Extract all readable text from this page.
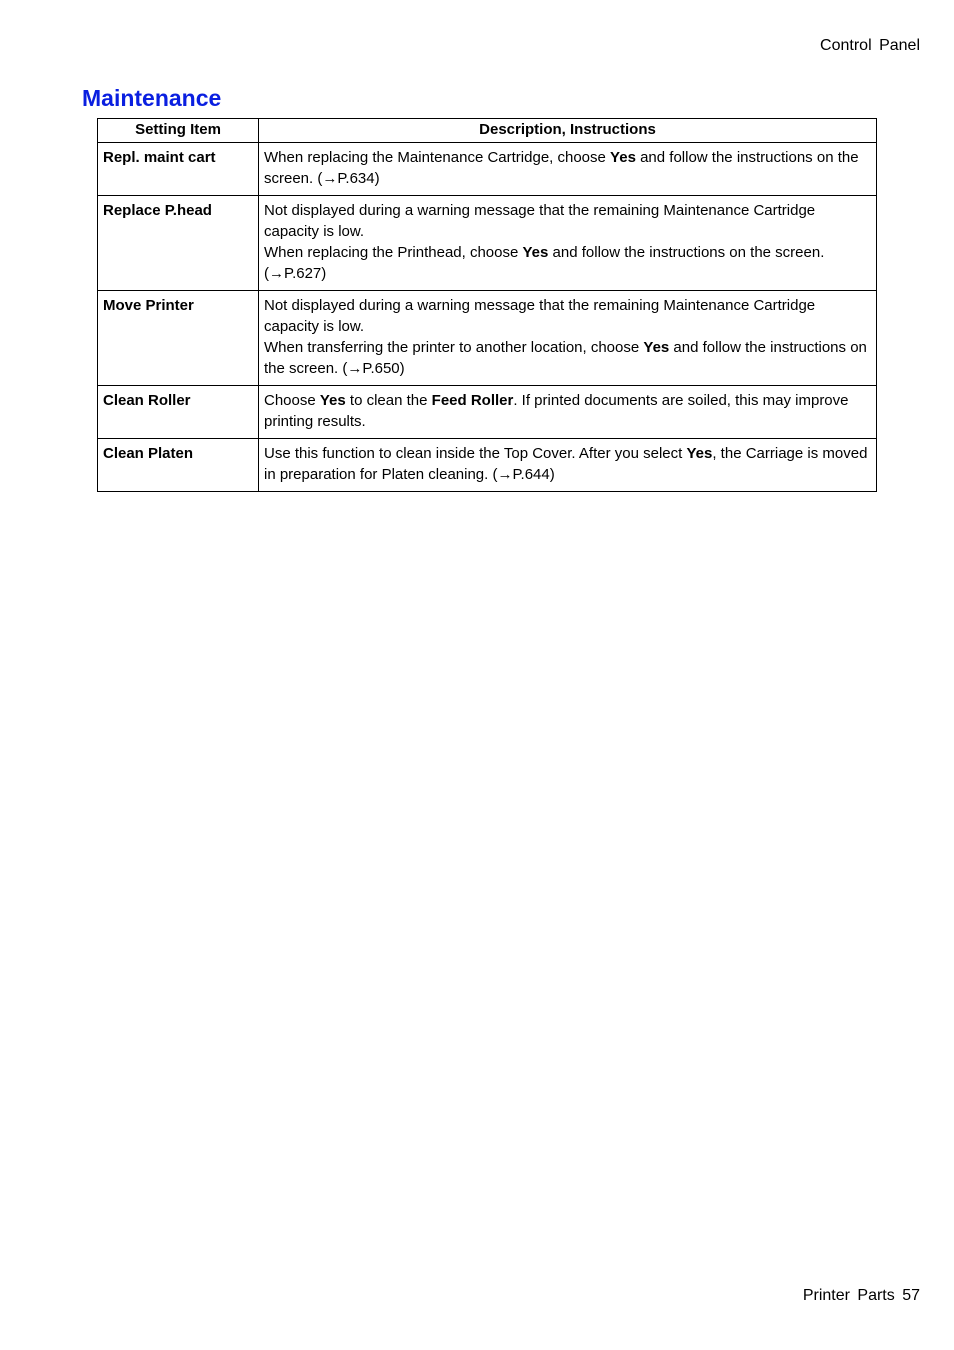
Control Panel
Maintenance
Setting Item	Description, Instructions
Repl. maint cart	When replacing the Maintenance Cartridge, choose Yes and follow the instructions on the screen. (→P.634)
Replace P.head	Not displayed during a warning message that the remaining Maintenance Cartridge capacity is low.
When replacing the Printhead, choose Yes and follow the instructions on the screen. (→P.627)
Move Printer	Not displayed during a warning message that the remaining Maintenance Cartridge capacity is low.
When transferring the printer to another location, choose Yes and follow the instructions on the screen. (→P.650)
Clean Roller	Choose Yes to clean the Feed Roller. If printed documents are soiled, this may improve printing results.
Clean Platen	Use this function to clean inside the Top Cover. After you select Yes, the Carriage is moved in preparation for Platen cleaning. (→P.644)
Printer Parts 57
